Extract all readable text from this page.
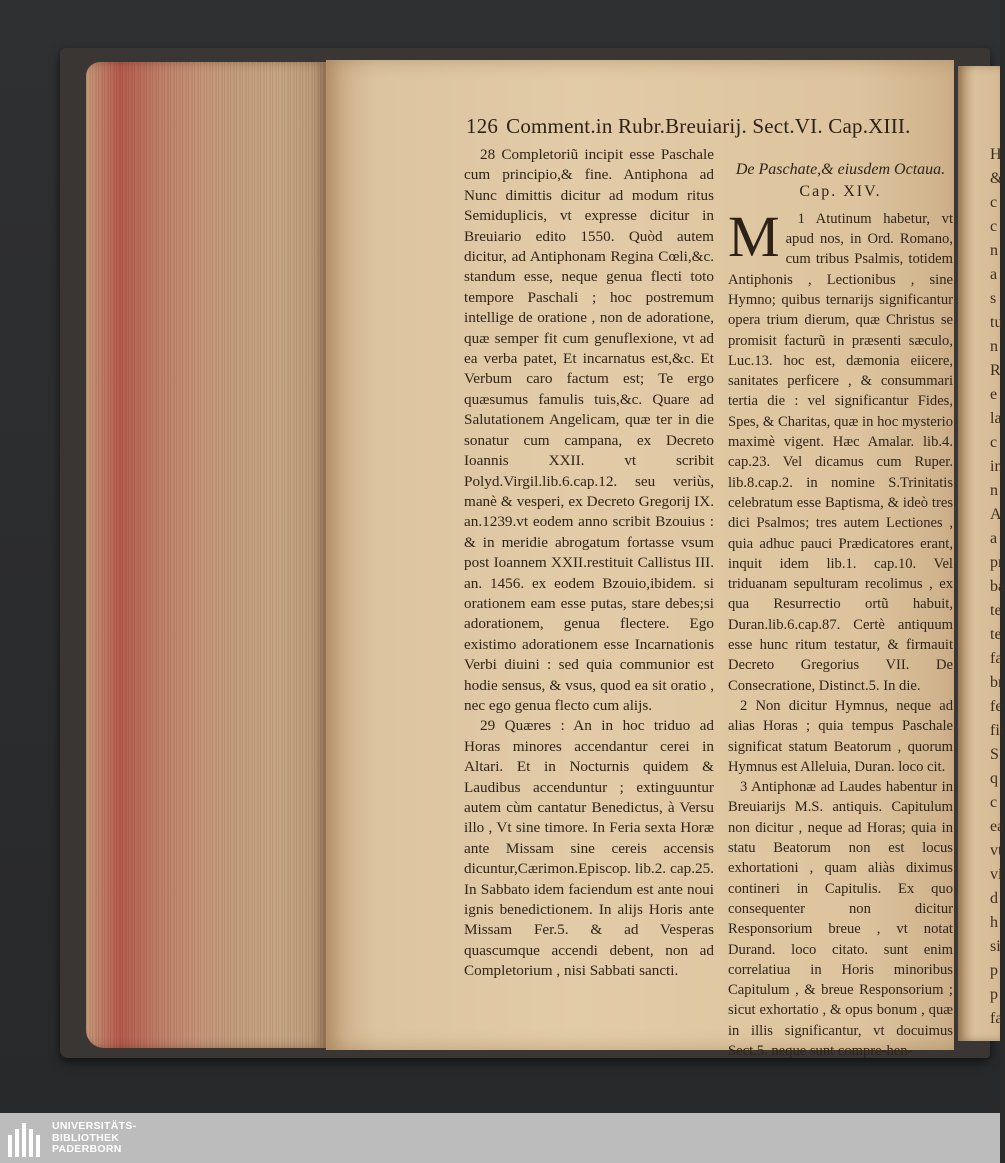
H
&
c
c
n
a
s
tu
n
R
e
la
c
in
n
A
a
pr
ba
te
te
fa
br
fe
fir
S
q
c
ea
vt
vi
d
h
si
p
p
fa
126 Comment.in Rubr.Breuiarij. Sect.VI. Cap.XIII.

28 Completoriũ incipit esse Paschale cum principio,& fine. Antiphona ad Nunc dimittis dicitur ad modum ritus Semiduplicis, vt expresse dicitur in Breuiario edito 1550. Quòd autem dicitur, ad Antiphonam Regina Cœli,&c. standum esse, neque genua flecti toto tempore Paschali ; hoc postremum intellige de oratione , non de adoratione, quæ semper fit cum genuflexione, vt ad ea verba patet, Et incarnatus est,&c. Et Verbum caro factum est; Te ergo quæsumus famulis tuis,&c. Quare ad Salutationem Angelicam, quæ ter in die sonatur cum campana, ex Decreto Ioannis XXII. vt scribit Polyd.Virgil.lib.6.cap.12. seu veriùs, manè & vesperi, ex Decreto Gregorij IX. an.1239.vt eodem anno scribit Bzouius : & in meridie abrogatum fortasse vsum post Ioannem XXII.restituit Callistus III. an. 1456. ex eodem Bzouio,ibidem. si orationem eam esse putas, stare debes;si adorationem, genua flectere. Ego existimo adorationem esse Incarnationis Verbi diuini : sed quia communior est hodie sensus, & vsus, quod ea sit oratio , nec ego genua flecto cum alijs.

29 Quæres : An in hoc triduo ad Horas minores accendantur cerei in Altari. Et in Nocturnis quidem & Laudibus accenduntur ; extinguuntur autem cùm cantatur Benedictus, à Versu illo , Vt sine timore. In Feria sexta Horæ ante Missam sine cereis accensis dicuntur,Cærimon.Episcop. lib.2. cap.25. In Sabbato idem faciendum est ante noui ignis benedictionem. In alijs Horis ante Missam Fer.5. & ad Vesperas quascumque accendi debent, non ad Completorium , nisi Sabbati sancti.

De Paschate,& eiusdem Octaua.
Cap. XIV.
M	1 Atutinum habetur, vt apud nos, in Ord. Romano, cum tribus Psalmis, totidem Antiphonis , Lectionibus , sine Hymno; quibus ternarijs significantur opera trium dierum, quæ Christus se promisit facturũ in præsenti sæculo, Luc.13. hoc est, dæmonia eiicere, sanitates perficere , & consummari tertia die : vel significantur Fides, Spes, & Charitas, quæ in hoc mysterio maximè vigent. Hæc Amalar. lib.4. cap.23. Vel dicamus cum Ruper. lib.8.cap.2. in nomine S.Trinitatis celebratum esse Baptisma, & ideò tres dici Psalmos; tres autem Lectiones , quia adhuc pauci Prædicatores erant, inquit idem lib.1. cap.10. Vel triduanam sepulturam recolimus , ex qua Resurrectio ortũ habuit, Duran.lib.6.cap.87. Certè antiquum esse hunc ritum testatur, & firmauit Decreto Gregorius VII. De Consecratione, Distinct.5. In die.

2 Non dicitur Hymnus, neque ad alias Horas ; quia tempus Paschale significat statum Beatorum , quorum Hymnus est Alleluia, Duran. loco cit.

3 Antiphonæ ad Laudes habentur in Breuiarijs M.S. antiquis. Capitulum non dicitur , neque ad Horas; quia in statu Beatorum non est locus exhortationi , quam aliàs diximus contineri in Capitulis. Ex quo consequenter non dicitur Responsorium breue , vt notat Durand. loco citato. sunt enim correlatiua in Horis minoribus Capitulum , & breue Responsorium ; sicut exhortatio , & opus bonum , quæ in illis significantur, vt docuimus Sect.5. neque sunt compre-hen-

UNIVERSITÄTS-
BIBLIOTHEK
PADERBORN
